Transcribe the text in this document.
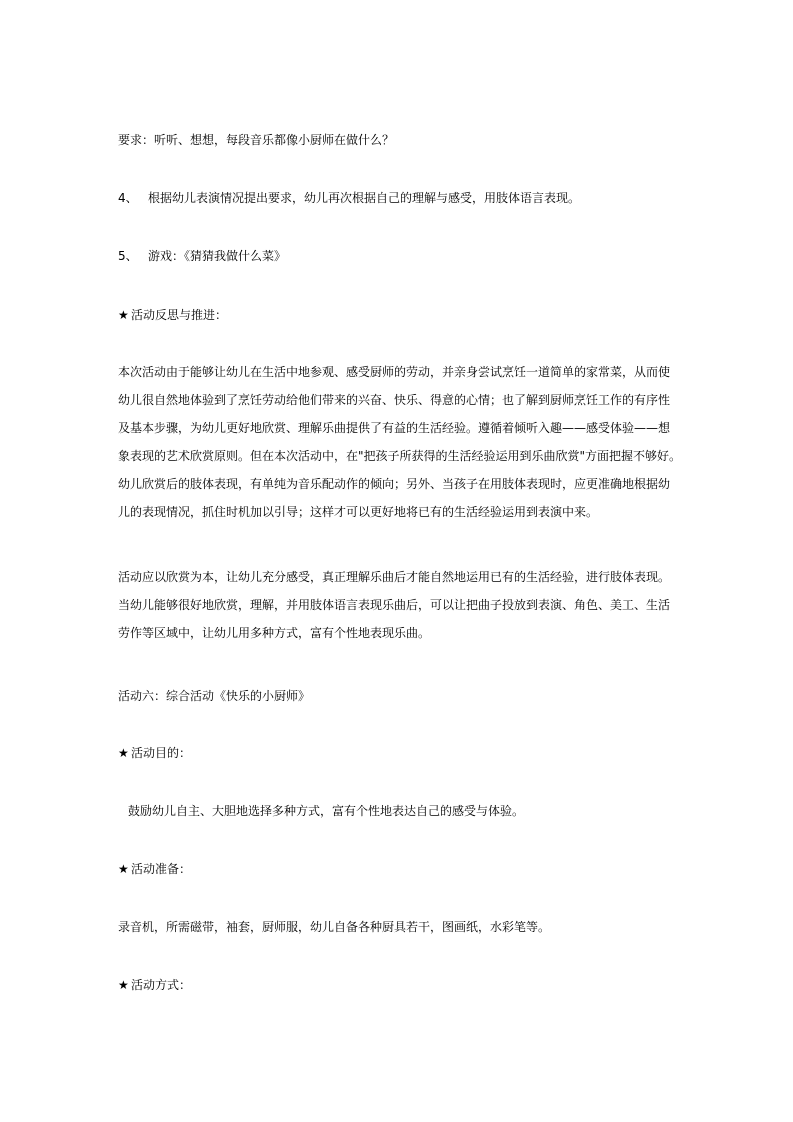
要求：听听、想想，每段音乐都像小厨师在做什么？
4、 根据幼儿表演情况提出要求，幼儿再次根据自己的理解与感受，用肢体语言表现。
5、 游戏：《猜猜我做什么菜》
★ 活动反思与推进：
本次活动由于能够让幼儿在生活中地参观、感受厨师的劳动，并亲身尝试烹饪一道简单的家常菜，从而使
幼儿很自然地体验到了烹饪劳动给他们带来的兴奋、快乐、得意的心情；也了解到厨师烹饪工作的有序性
及基本步骤，为幼儿更好地欣赏、理解乐曲提供了有益的生活经验。遵循着倾听入趣——感受体验——想
象表现的艺术欣赏原则。但在本次活动中，在"把孩子所获得的生活经验运用到乐曲欣赏"方面把握不够好。
幼儿欣赏后的肢体表现，有单纯为音乐配动作的倾向；另外、当孩子在用肢体表现时，应更准确地根据幼
儿的表现情况，抓住时机加以引导；这样才可以更好地将已有的生活经验运用到表演中来。
活动应以欣赏为本，让幼儿充分感受，真正理解乐曲后才能自然地运用已有的生活经验，进行肢体表现。
当幼儿能够很好地欣赏，理解，并用肢体语言表现乐曲后，可以让把曲子投放到表演、角色、美工、生活
劳作等区域中，让幼儿用多种方式，富有个性地表现乐曲。
活动六：综合活动《快乐的小厨师》
★ 活动目的：
鼓励幼儿自主、大胆地选择多种方式，富有个性地表达自己的感受与体验。
★ 活动准备：
录音机，所需磁带，袖套，厨师服，幼儿自备各种厨具若干，图画纸，水彩笔等。
★ 活动方式：
